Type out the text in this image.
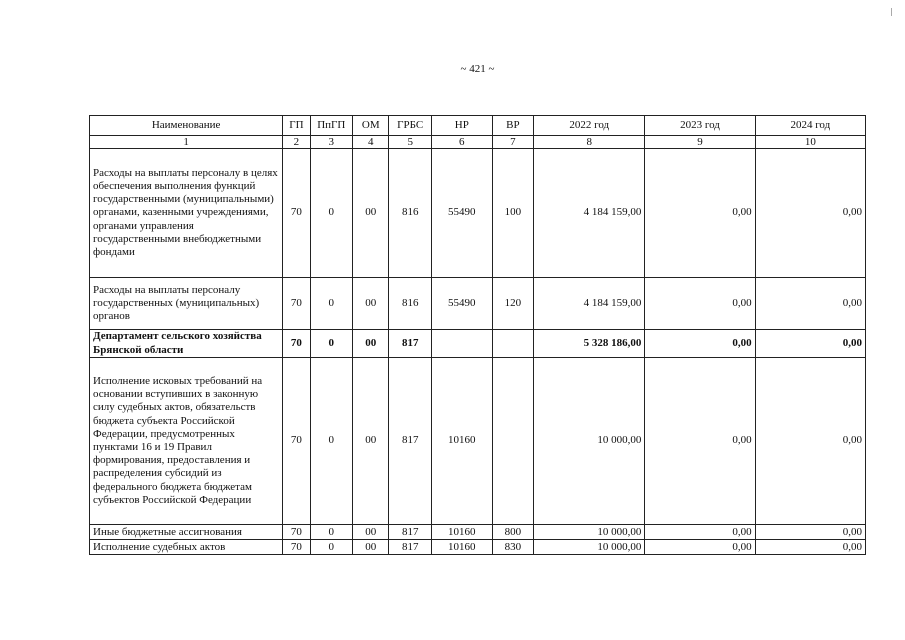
~ 421 ~
Наименование	ГП	ПпГП	ОМ	ГРБС	НР	ВР	2022 год	2023 год	2024 год
1	2	3	4	5	6	7	8	9	10
Расходы на выплаты персоналу в целях обеспечения выполнения функций государственными (муниципальными) органами, казенными учреждениями, органами управления государственными внебюджетными фондами	70	0	00	816	55490	100	4 184 159,00	0,00	0,00
Расходы на выплаты персоналу государственных (муниципальных) органов	70	0	00	816	55490	120	4 184 159,00	0,00	0,00
Департамент сельского хозяйства Брянской области	70	0	00	817			5 328 186,00	0,00	0,00
Исполнение исковых требований на основании вступивших в законную силу судебных актов, обязательств бюджета субъекта Российской Федерации, предусмотренных пунктами 16 и 19 Правил формирования, предоставления и распределения субсидий из федерального бюджета бюджетам субъектов Российской Федерации	70	0	00	817	10160		10 000,00	0,00	0,00
Иные бюджетные ассигнования	70	0	00	817	10160	800	10 000,00	0,00	0,00
Исполнение судебных актов	70	0	00	817	10160	830	10 000,00	0,00	0,00
